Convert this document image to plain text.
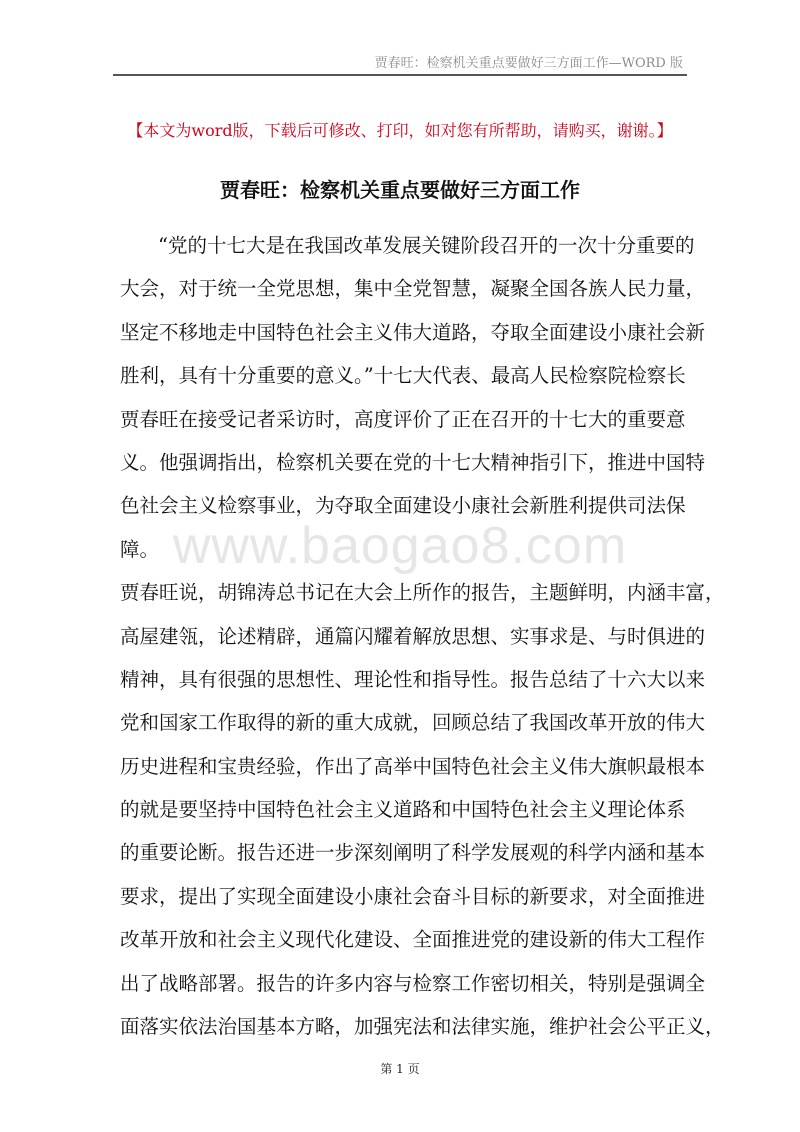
贾春旺：检察机关重点要做好三方面工作—WORD 版
【本文为word版，下载后可修改、打印，如对您有所帮助，请购买，谢谢。】
贾春旺：检察机关重点要做好三方面工作
www.baogao8.com
“党的十七大是在我国改革发展关键阶段召开的一次十分重要的
大会，对于统一全党思想，集中全党智慧，凝聚全国各族人民力量，
坚定不移地走中国特色社会主义伟大道路，夺取全面建设小康社会新
胜利，具有十分重要的意义。”十七大代表、最高人民检察院检察长
贾春旺在接受记者采访时，高度评价了正在召开的十七大的重要意
义。他强调指出，检察机关要在党的十七大精神指引下，推进中国特
色社会主义检察事业，为夺取全面建设小康社会新胜利提供司法保
障。
贾春旺说，胡锦涛总书记在大会上所作的报告，主题鲜明，内涵丰富，
高屋建瓴，论述精辟，通篇闪耀着解放思想、实事求是、与时俱进的
精神，具有很强的思想性、理论性和指导性。报告总结了十六大以来
党和国家工作取得的新的重大成就，回顾总结了我国改革开放的伟大
历史进程和宝贵经验，作出了高举中国特色社会主义伟大旗帜最根本
的就是要坚持中国特色社会主义道路和中国特色社会主义理论体系
的重要论断。报告还进一步深刻阐明了科学发展观的科学内涵和基本
要求，提出了实现全面建设小康社会奋斗目标的新要求，对全面推进
改革开放和社会主义现代化建设、全面推进党的建设新的伟大工程作
出了战略部署。报告的许多内容与检察工作密切相关，特别是强调全
面落实依法治国基本方略，加强宪法和法律实施，维护社会公平正义，
第 1 页
